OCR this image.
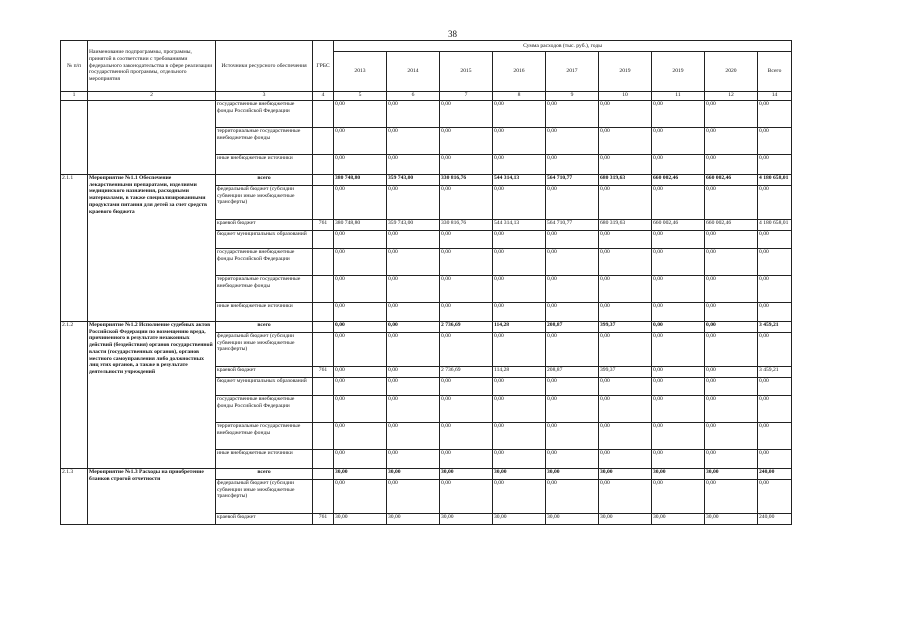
38
№ п/п	Наименование подпрограммы, программы, принятой в соответствии с требованиями федерального законодательства в сфере реализации государственной программы, отдельного мероприятия	Источники ресурсного обеспечения	ГРБС	Сумма расходов (тыс. руб.), годы								
				2013	2014	2015	2016	2017	2019	2019	2020	Всего
1	2	3	4	5	6	7	8	9	10	11	12	14
		государственные внебюджетные фонды Российской Федерации		0,00	0,00	0,00	0,00	0,00	0,00	0,00	0,00	0,00
		территориальные государственные внебюджетные фонды		0,00	0,00	0,00	0,00	0,00	0,00	0,00	0,00	0,00
		иные внебюджетные источники		0,00	0,00	0,00	0,00	0,00	0,00	0,00	0,00	0,00
2.1.1	Мероприятие №1.1 Обеспечение лекарственными препаратами, изделиями медицинского назначения, расходными материалами, в также специализированными продуктами питания для детей за счет средств краевого бюджета	всего		380 748,80	359 743,00	330 816,76	544 314,13	564 710,77	680 319,63	660 002,46	660 002,46	4 180 658,01
		федеральный бюджет (субсидии субвенции иные межбюджетные трансферты)		0,00	0,00	0,00	0,00	0,00	0,00	0,00	0,00	0,00
		краевой бюджет	761	380 748,80	359 743,00	330 816,76	544 314,13	564 710,77	680 319,63	660 002,46	660 002,46	4 180 658,01
		бюджет муниципальных образований		0,00	0,00	0,00	0,00	0,00	0,00	0,00	0,00	0,00
		государственные внебюджетные фонды Российской Федерации		0,00	0,00	0,00	0,00	0,00	0,00	0,00	0,00	0,00
		территориальные государственные внебюджетные фонды		0,00	0,00	0,00	0,00	0,00	0,00	0,00	0,00	0,00
		иные внебюджетные источники		0,00	0,00	0,00	0,00	0,00	0,00	0,00	0,00	0,00
2.1.2	Мероприятие №1.2 Исполнение судебных актов Российской Федерации по возмещению вреда, причиненного в результате незаконных действий (бездействия) органов государственной власти (государственных органов), органов местного самоуправления либо должностных лиц этих органов, а также в результате деятельности учреждений	всего		0,00	0,00	2 736,69	114,28	208,87	399,37	0,00	0,00	3 459,21
		федеральный бюджет (субсидии субвенции иные межбюджетные трансферты)		0,00	0,00	0,00	0,00	0,00	0,00	0,00	0,00	0,00
		краевой бюджет	761	0,00	0,00	2 736,69	114,28	208,87	399,37	0,00	0,00	3 459,21
		бюджет муниципальных образований		0,00	0,00	0,00	0,00	0,00	0,00	0,00	0,00	0,00
		государственные внебюджетные фонды Российской Федерации		0,00	0,00	0,00	0,00	0,00	0,00	0,00	0,00	0,00
		территориальные государственные внебюджетные фонды		0,00	0,00	0,00	0,00	0,00	0,00	0,00	0,00	0,00
		иные внебюджетные источники		0,00	0,00	0,00	0,00	0,00	0,00	0,00	0,00	0,00
2.1.3	Мероприятие №1.3 Расходы на приобретение бланков строгой отчетности	всего		30,00	30,00	30,00	30,00	30,00	30,00	30,00	30,00	240,00
		федеральный бюджет (субсидии субвенции иные межбюджетные трансферты)		0,00	0,00	0,00	0,00	0,00	0,00	0,00	0,00	0,00
		краевой бюджет	761	30,00	30,00	30,00	30,00	30,00	30,00	30,00	30,00	240,00
